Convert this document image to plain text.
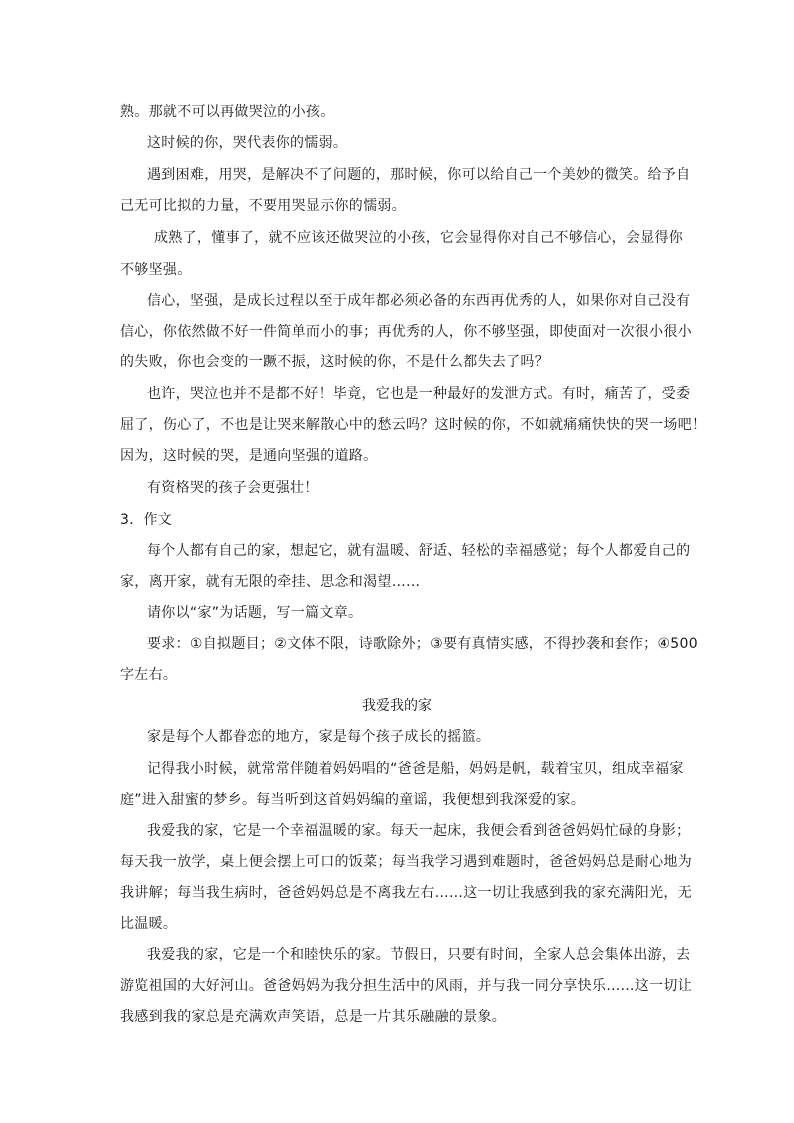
熟。那就不可以再做哭泣的小孩。
这时候的你，哭代表你的懦弱。
遇到困难，用哭，是解决不了问题的，那时候，你可以给自己一个美妙的微笑。给予自
己无可比拟的力量，不要用哭显示你的懦弱。
成熟了，懂事了，就不应该还做哭泣的小孩，它会显得你对自己不够信心，会显得你
不够坚强。
信心，坚强，是成长过程以至于成年都必须必备的东西再优秀的人，如果你对自己没有
信心，你依然做不好一件简单而小的事；再优秀的人，你不够坚强，即使面对一次很小很小
的失败，你也会变的一蹶不振，这时候的你，不是什么都失去了吗？
也许，哭泣也并不是都不好！毕竟，它也是一种最好的发泄方式。有时，痛苦了，受委
屈了，伤心了，不也是让哭来解散心中的愁云吗？这时候的你，不如就痛痛快快的哭一场吧！
因为，这时候的哭，是通向坚强的道路。
有资格哭的孩子会更强壮！
3．作文
每个人都有自己的家，想起它，就有温暖、舒适、轻松的幸福感觉；每个人都爱自己的
家，离开家，就有无限的牵挂、思念和渴望……
请你以“家”为话题，写一篇文章。
要求：①自拟题目；②文体不限，诗歌除外；③要有真情实感，不得抄袭和套作；④500
字左右。
我爱我的家
家是每个人都眷恋的地方，家是每个孩子成长的摇篮。
记得我小时候，就常常伴随着妈妈唱的“爸爸是船，妈妈是帆，载着宝贝，组成幸福家
庭”进入甜蜜的梦乡。每当听到这首妈妈编的童谣，我便想到我深爱的家。
我爱我的家，它是一个幸福温暖的家。每天一起床，我便会看到爸爸妈妈忙碌的身影；
每天我一放学，桌上便会摆上可口的饭菜；每当我学习遇到难题时，爸爸妈妈总是耐心地为
我讲解；每当我生病时，爸爸妈妈总是不离我左右……这一切让我感到我的家充满阳光，无
比温暖。
我爱我的家，它是一个和睦快乐的家。节假日，只要有时间，全家人总会集体出游，去
游览祖国的大好河山。爸爸妈妈为我分担生活中的风雨，并与我一同分享快乐……这一切让
我感到我的家总是充满欢声笑语，总是一片其乐融融的景象。
